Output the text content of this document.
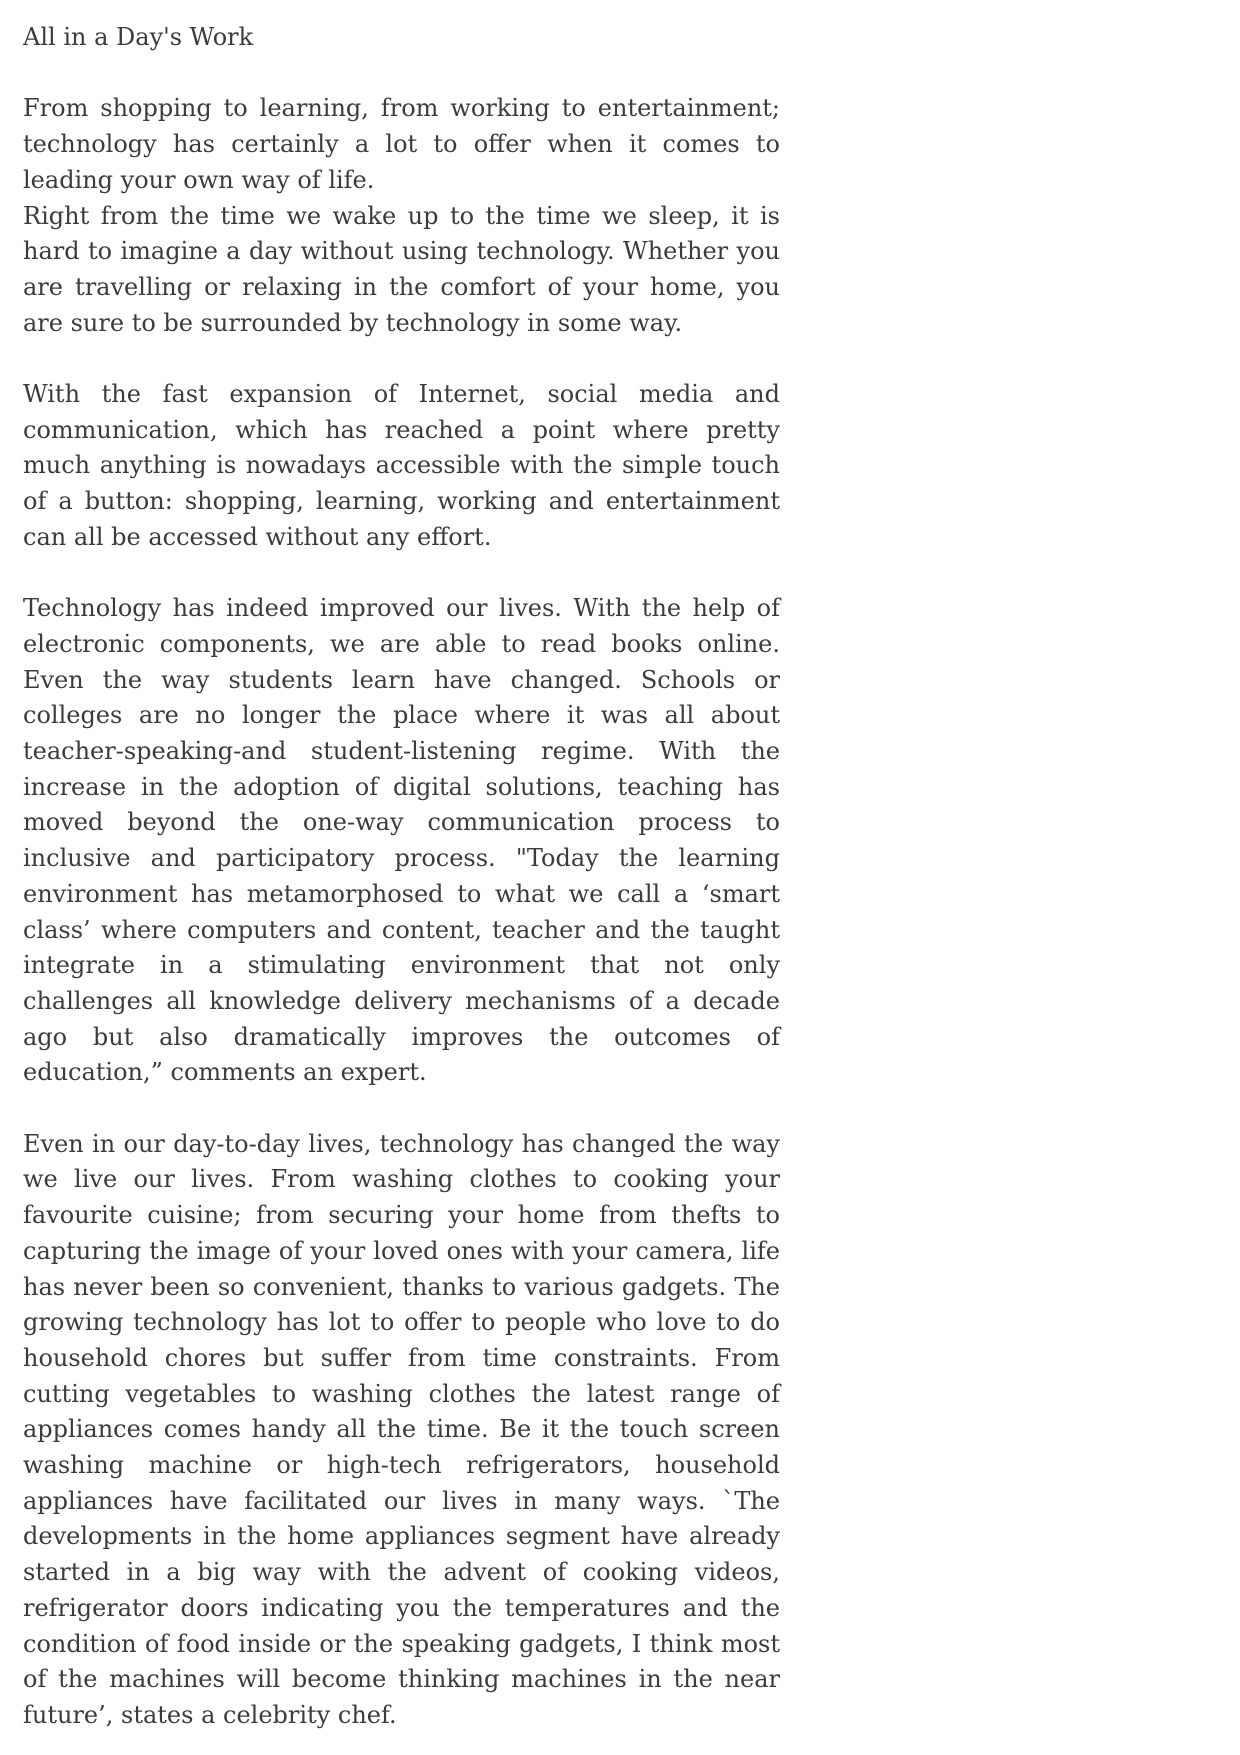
All in a Day's Work

From shopping to learning, from working to entertainment; technology has certainly a lot to offer when it comes to leading your own way of life.

Right from the time we wake up to the time we sleep, it is hard to imagine a day without using technology. Whether you are travelling or relaxing in the comfort of your home, you are sure to be surrounded by technology in some way.

With the fast expansion of Internet, social media and communication, which has reached a point where pretty much anything is nowadays accessible with the simple touch of a button: shopping, learning, working and entertainment can all be accessed without any effort.

Technology has indeed improved our lives. With the help of electronic components, we are able to read books online. Even the way students learn have changed. Schools or colleges are no longer the place where it was all about teacher-speaking-and student-listening regime. With the increase in the adoption of digital solutions, teaching has moved beyond the one-way communication process to inclusive and participatory process. "Today the learning environment has metamorphosed to what we call a ‘smart class’ where computers and content, teacher and the taught integrate in a stimulating environment that not only challenges all knowledge delivery mechanisms of a decade ago but also dramatically improves the outcomes of education,” comments an expert.

Even in our day-to-day lives, technology has changed the way we live our lives. From washing clothes to cooking your favourite cuisine; from securing your home from thefts to capturing the image of your loved ones with your camera, life has never been so convenient, thanks to various gadgets. The growing technology has lot to offer to people who love to do household chores but suffer from time constraints. From cutting vegetables to washing clothes the latest range of appliances comes handy all the time. Be it the touch screen washing machine or high-tech refrigerators, household appliances have facilitated our lives in many ways. `The developments in the home appliances segment have already started in a big way with the advent of cooking videos, refrigerator doors indicating you the temperatures and the condition of food inside or the speaking gadgets, I think most of the machines will become thinking machines in the near future’, states a celebrity chef.
